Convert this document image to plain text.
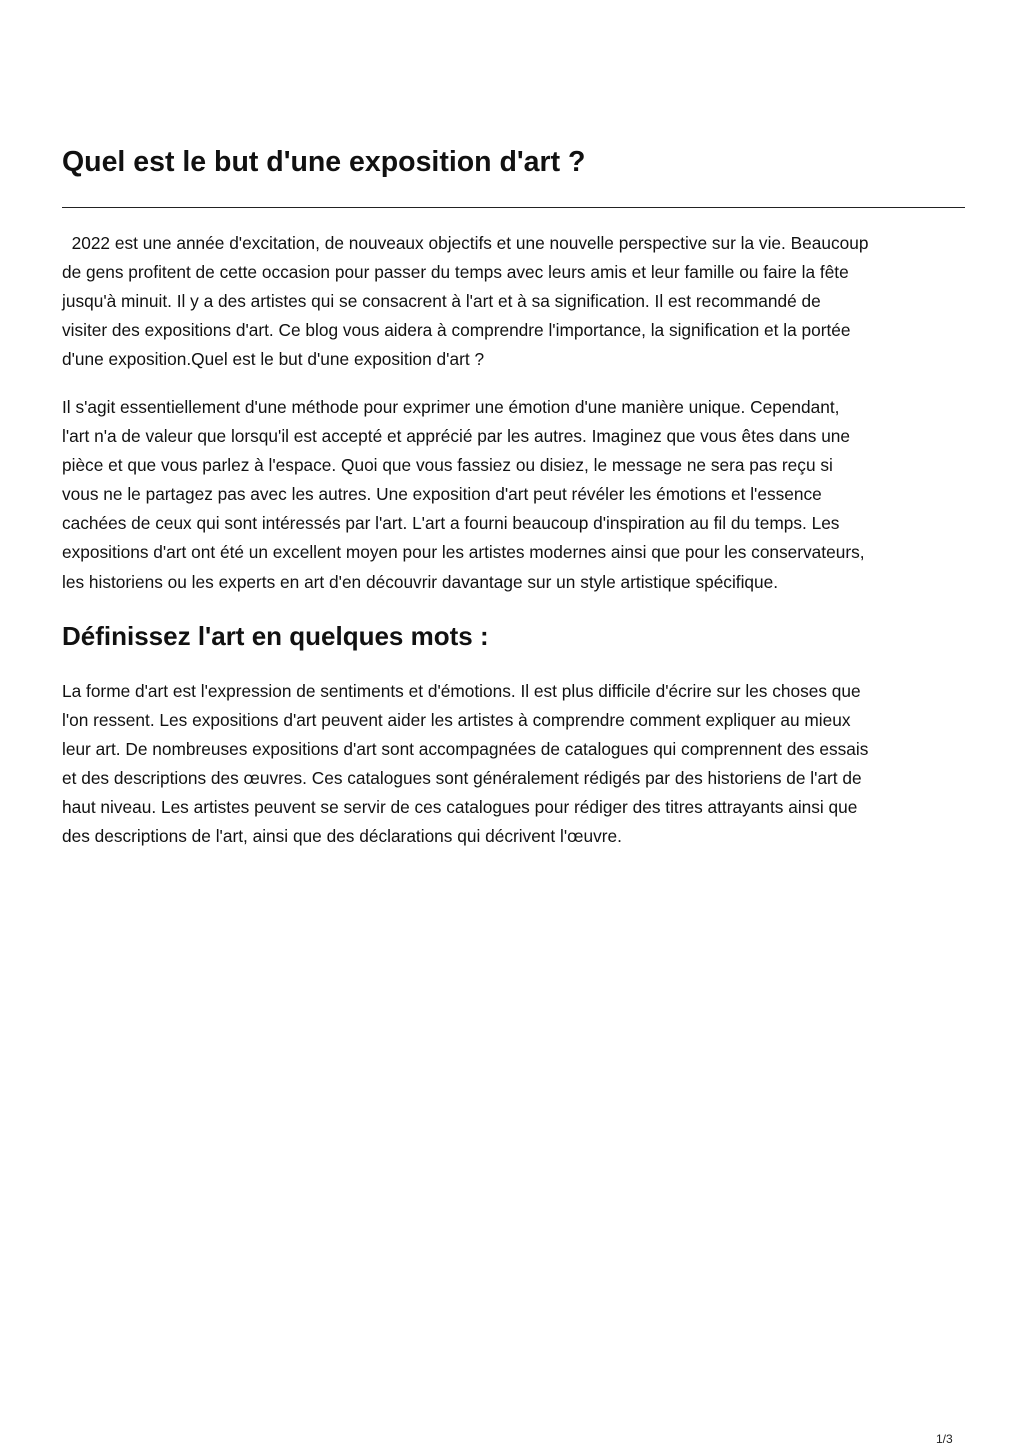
Quel est le but d'une exposition d'art ?

2022 est une année d'excitation, de nouveaux objectifs et une nouvelle perspective sur la vie. Beaucoup
de gens profitent de cette occasion pour passer du temps avec leurs amis et leur famille ou faire la fête
jusqu'à minuit. Il y a des artistes qui se consacrent à l'art et à sa signification. Il est recommandé de
visiter des expositions d'art. Ce blog vous aidera à comprendre l'importance, la signification et la portée
d'une exposition.Quel est le but d'une exposition d'art ?

Il s'agit essentiellement d'une méthode pour exprimer une émotion d'une manière unique. Cependant,
l'art n'a de valeur que lorsqu'il est accepté et apprécié par les autres. Imaginez que vous êtes dans une
pièce et que vous parlez à l'espace. Quoi que vous fassiez ou disiez, le message ne sera pas reçu si
vous ne le partagez pas avec les autres. Une exposition d'art peut révéler les émotions et l'essence
cachées de ceux qui sont intéressés par l'art. L'art a fourni beaucoup d'inspiration au fil du temps. Les
expositions d'art ont été un excellent moyen pour les artistes modernes ainsi que pour les conservateurs,
les historiens ou les experts en art d'en découvrir davantage sur un style artistique spécifique.

Définissez l'art en quelques mots :

La forme d'art est l'expression de sentiments et d'émotions. Il est plus difficile d'écrire sur les choses que
l'on ressent. Les expositions d'art peuvent aider les artistes à comprendre comment expliquer au mieux
leur art. De nombreuses expositions d'art sont accompagnées de catalogues qui comprennent des essais
et des descriptions des œuvres. Ces catalogues sont généralement rédigés par des historiens de l'art de
haut niveau. Les artistes peuvent se servir de ces catalogues pour rédiger des titres attrayants ainsi que
des descriptions de l'art, ainsi que des déclarations qui décrivent l'œuvre.

1/3
